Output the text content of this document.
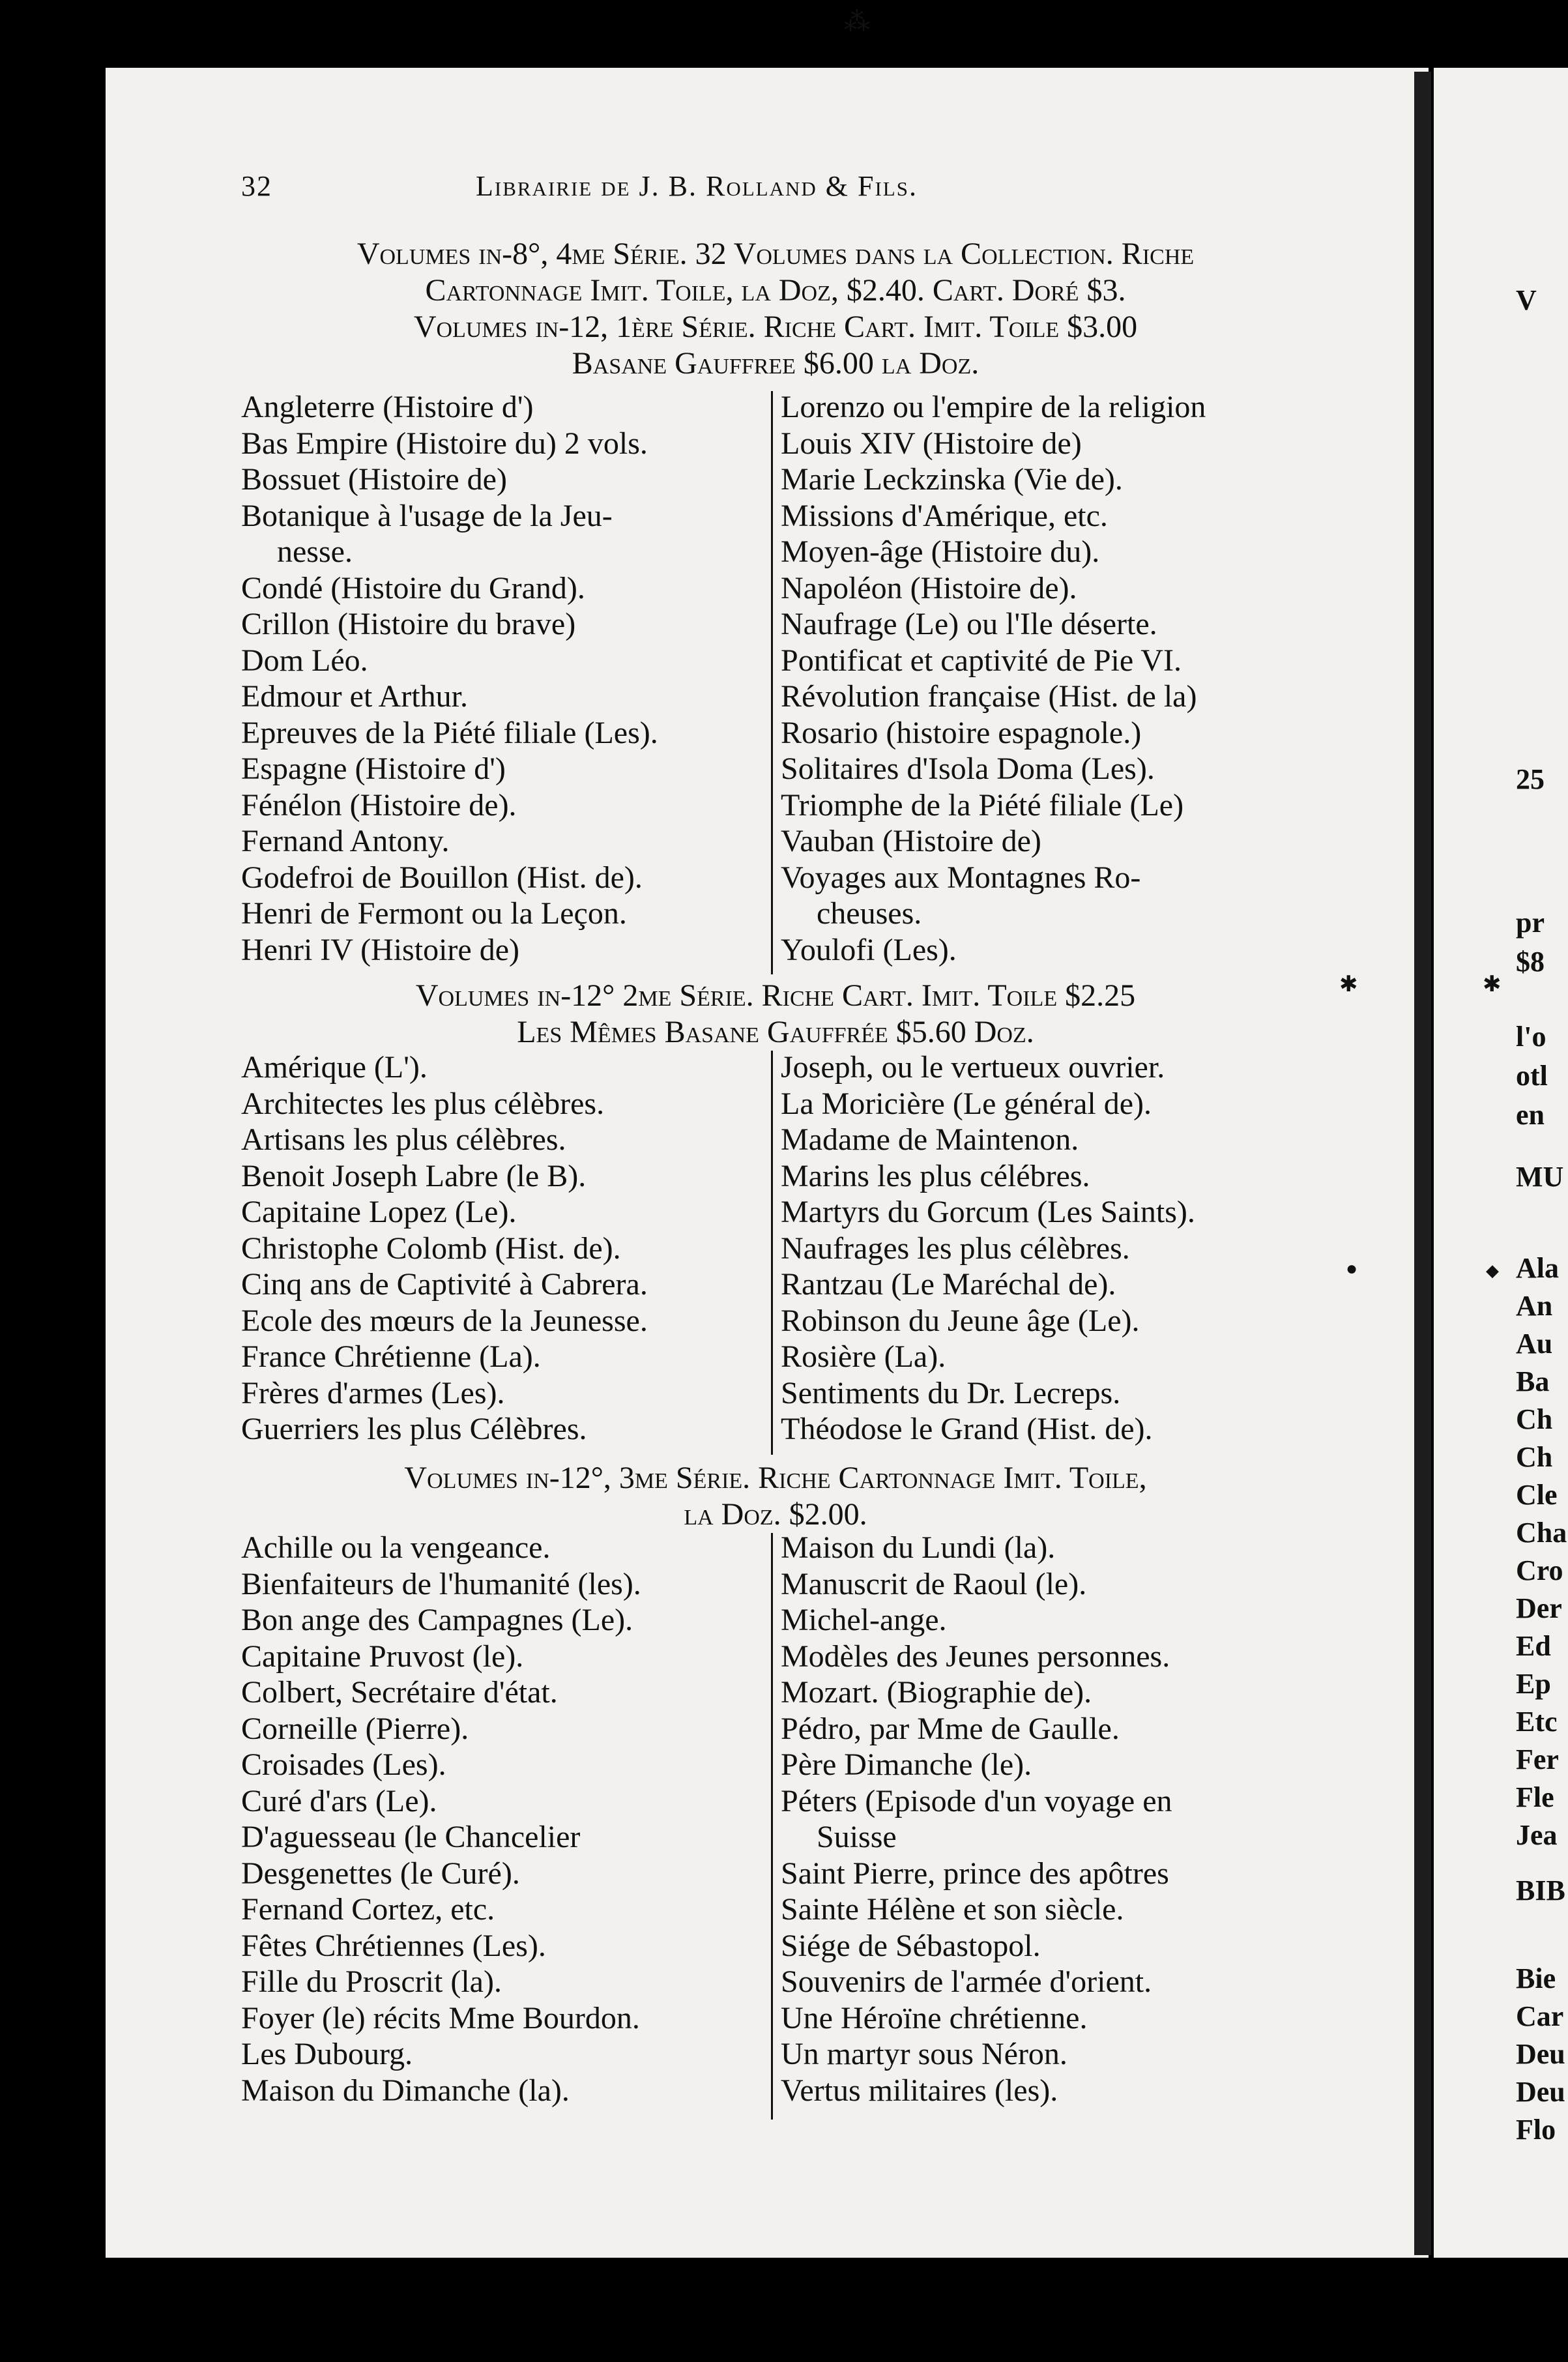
32	Librairie de J. B. Rolland & Fils.
Volumes in-8°, 4me Série. 32 Volumes dans la Collection. Riche
Cartonnage Imit. Toile, la Doz, $2.40. Cart. Doré $3.
Volumes in-12, 1ère Série. Riche Cart. Imit. Toile $3.00
Basane Gauffree $6.00 la Doz.
Angleterre (Histoire d')
Bas Empire (Histoire du) 2 vols.
Bossuet (Histoire de)
Botanique à l'usage de la Jeu-
nesse.
Condé (Histoire du Grand).
Crillon (Histoire du brave)
Dom Léo.
Edmour et Arthur.
Epreuves de la Piété filiale (Les).
Espagne (Histoire d')
Fénélon (Histoire de).
Fernand Antony.
Godefroi de Bouillon (Hist. de).
Henri de Fermont ou la Leçon.
Henri IV (Histoire de)
Lorenzo ou l'empire de la religion
Louis XIV (Histoire de)
Marie Leckzinska (Vie de).
Missions d'Amérique, etc.
Moyen-âge (Histoire du).
Napoléon (Histoire de).
Naufrage (Le) ou l'Ile déserte.
Pontificat et captivité de Pie VI.
Révolution française (Hist. de la)
Rosario (histoire espagnole.)
Solitaires d'Isola Doma (Les).
Triomphe de la Piété filiale (Le)
Vauban (Histoire de)
Voyages aux Montagnes Ro-
cheuses.
Youlofi (Les).
Volumes in-12° 2me Série. Riche Cart. Imit. Toile $2.25
Les Mêmes Basane Gauffrée $5.60 Doz.
Amérique (L').
Architectes les plus célèbres.
Artisans les plus célèbres.
Benoit Joseph Labre (le B).
Capitaine Lopez (Le).
Christophe Colomb (Hist. de).
Cinq ans de Captivité à Cabrera.
Ecole des mœurs de la Jeunesse.
France Chrétienne (La).
Frères d'armes (Les).
Guerriers les plus Célèbres.
Joseph, ou le vertueux ouvrier.
La Moricière (Le général de).
Madame de Maintenon.
Marins les plus célébres.
Martyrs du Gorcum (Les Saints).
Naufrages les plus célèbres.
Rantzau (Le Maréchal de).
Robinson du Jeune âge (Le).
Rosière (La).
Sentiments du Dr. Lecreps.
Théodose le Grand (Hist. de).
Volumes in-12°, 3me Série. Riche Cartonnage Imit. Toile,
la Doz. $2.00.
Achille ou la vengeance.
Bienfaiteurs de l'humanité (les).
Bon ange des Campagnes (Le).
Capitaine Pruvost (le).
Colbert, Secrétaire d'état.
Corneille (Pierre).
Croisades (Les).
Curé d'ars (Le).
D'aguesseau (le Chancelier
Desgenettes (le Curé).
Fernand Cortez, etc.
Fêtes Chrétiennes (Les).
Fille du Proscrit (la).
Foyer (le) récits Mme Bourdon.
Les Dubourg.
Maison du Dimanche (la).
Maison du Lundi (la).
Manuscrit de Raoul (le).
Michel-ange.
Modèles des Jeunes personnes.
Mozart. (Biographie de).
Pédro, par Mme de Gaulle.
Père Dimanche (le).
Péters (Episode d'un voyage en
Suisse
Saint Pierre, prince des apôtres
Sainte Hélène et son siècle.
Siége de Sébastopol.
Souvenirs de l'armée d'orient.
Une Héroïne chrétienne.
Un martyr sous Néron.
Vertus militaires (les).
V
25
pr
$8
l'o
otl
en
MU
Ala
An
Au
Ba
Ch
Ch
Cle
Cha
Cro
Der
Ed
Ep
Etc
Fer
Fle
Jea
BIB
Bie
Car
Deu
Deu
Flo
⁂
✱	✱
●	◆
